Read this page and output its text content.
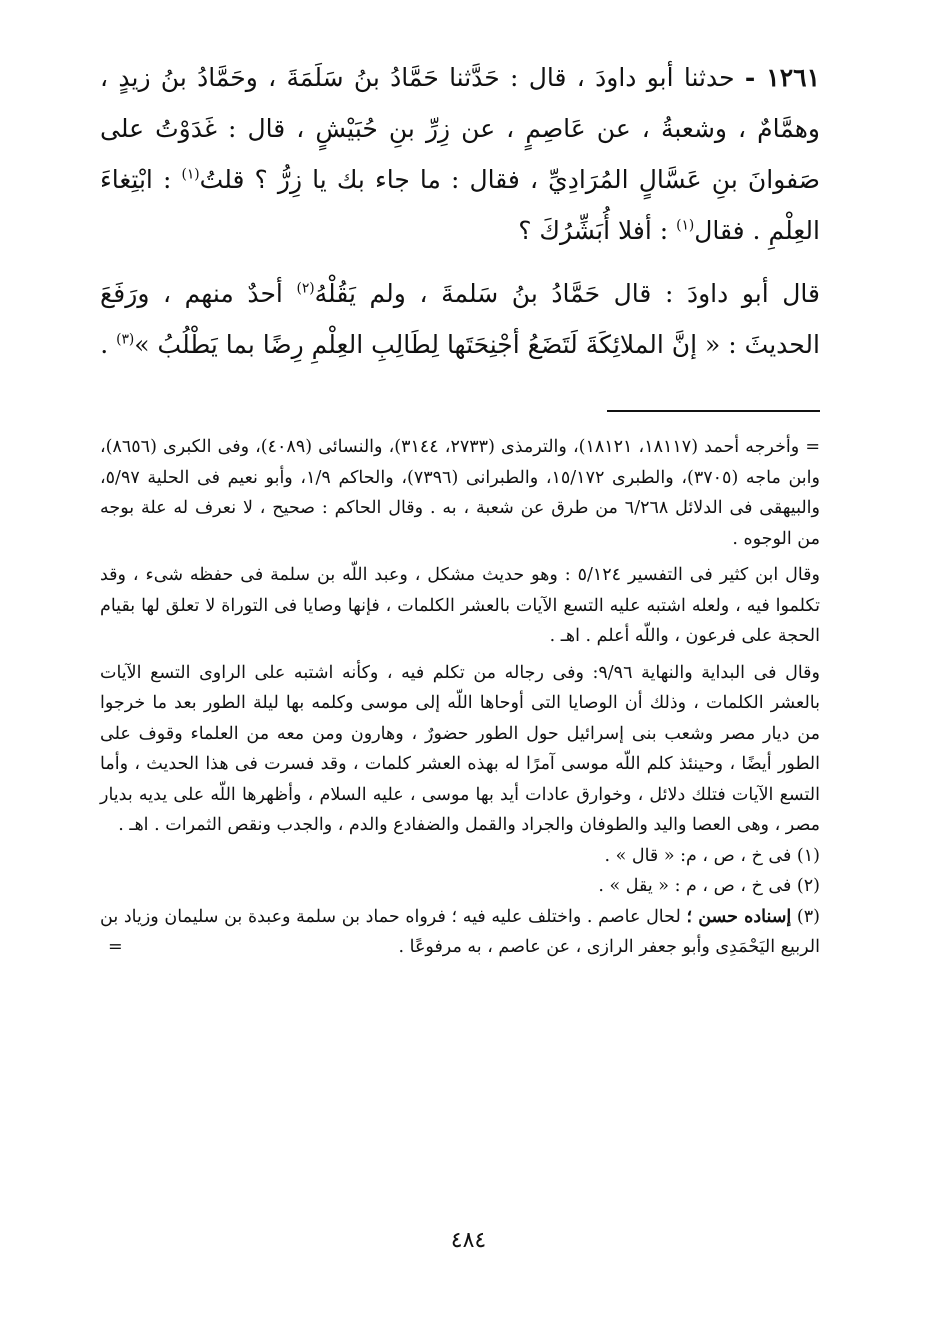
١٢٦١ - حدثنا أبو داودَ ، قال : حَدَّثنا حَمَّادُ بنُ سَلَمَةَ ، وحَمَّادُ بنُ زيدٍ ، وهمَّامٌ ، وشعبةُ ، عن عَاصِمٍ ، عن زِرِّ بنِ حُبَيْشٍ ، قال : غَدَوْتُ على صَفوانَ بنِ عَسَّالٍ المُرَادِيِّ ، فقال : ما جاء بك يا زِرُّ ؟ قلتُ$^{(١)}$ : ابْتِغاءَ العِلْمِ . فقال$^{(١)}$ : أفلا أُبَشِّرُكَ ؟

قال أبو داودَ : قال حَمَّادُ بنُ سَلمةَ ، ولم يَقُلْهُ$^{(٢)}$ أحدٌ منهم ، ورَفَعَ الحديثَ : « إنَّ الملائِكَةَ لَتَضَعُ أجْنِحَتَها لِطَالِبِ العِلْمِ رِضًا بما يَطْلُبُ »$^{(٣)}$ .

= وأخرجه أحمد (١٨١١٧، ١٨١٢١)، والترمذى (٢٧٣٣، ٣١٤٤)، والنسائى (٤٠٨٩)، وفى الكبرى (٨٦٥٦)، وابن ماجه (٣٧٠٥)، والطبرى ١٥/١٧٢، والطبرانى (٧٣٩٦)، والحاكم ١/٩، وأبو نعيم فى الحلية ٥/٩٧، والبيهقى فى الدلائل ٦/٢٦٨ من طرق عن شعبة ، به . وقال الحاكم : صحيح ، لا نعرف له علة بوجه من الوجوه .

وقال ابن كثير فى التفسير ٥/١٢٤ : وهو حديث مشكل ، وعبد اللّه بن سلمة فى حفظه شىء ، وقد تكلموا فيه ، ولعله اشتبه عليه التسع الآيات بالعشر الكلمات ، فإنها وصايا فى التوراة لا تعلق لها بقيام الحجة على فرعون ، واللّه أعلم . اهـ .

وقال فى البداية والنهاية ٩/٩٦: وفى رجاله من تكلم فيه ، وكأنه اشتبه على الراوى التسع الآيات بالعشر الكلمات ، وذلك أن الوصايا التى أوحاها اللّه إلى موسى وكلمه بها ليلة الطور بعد ما خرجوا من ديار مصر وشعب بنى إسرائيل حول الطور حضورٌ ، وهارون ومن معه من العلماء وقوف على الطور أيضًا ، وحينئذ كلم اللّه موسى آمرًا له بهذه العشر كلمات ، وقد فسرت فى هذا الحديث ، وأما التسع الآيات فتلك دلائل ، وخوارق عادات أيد بها موسى ، عليه السلام ، وأظهرها اللّه على يديه بديار مصر ، وهى العصا واليد والطوفان والجراد والقمل والضفادع والدم ، والجدب ونقص الثمرات . اهـ .

(١) فى خ ، ص ، م: « قال » .

(٢) فى خ ، ص ، م : « يقل » .

(٣) إسناده حسن ؛ لحال عاصم . واختلف عليه فيه ؛ فرواه حماد بن سلمة وعبدة بن سليمان وزياد بن الربيع اليَحْمَدِى وأبو جعفر الرازى ، عن عاصم ، به مرفوعًا .
=

٤٨٤
